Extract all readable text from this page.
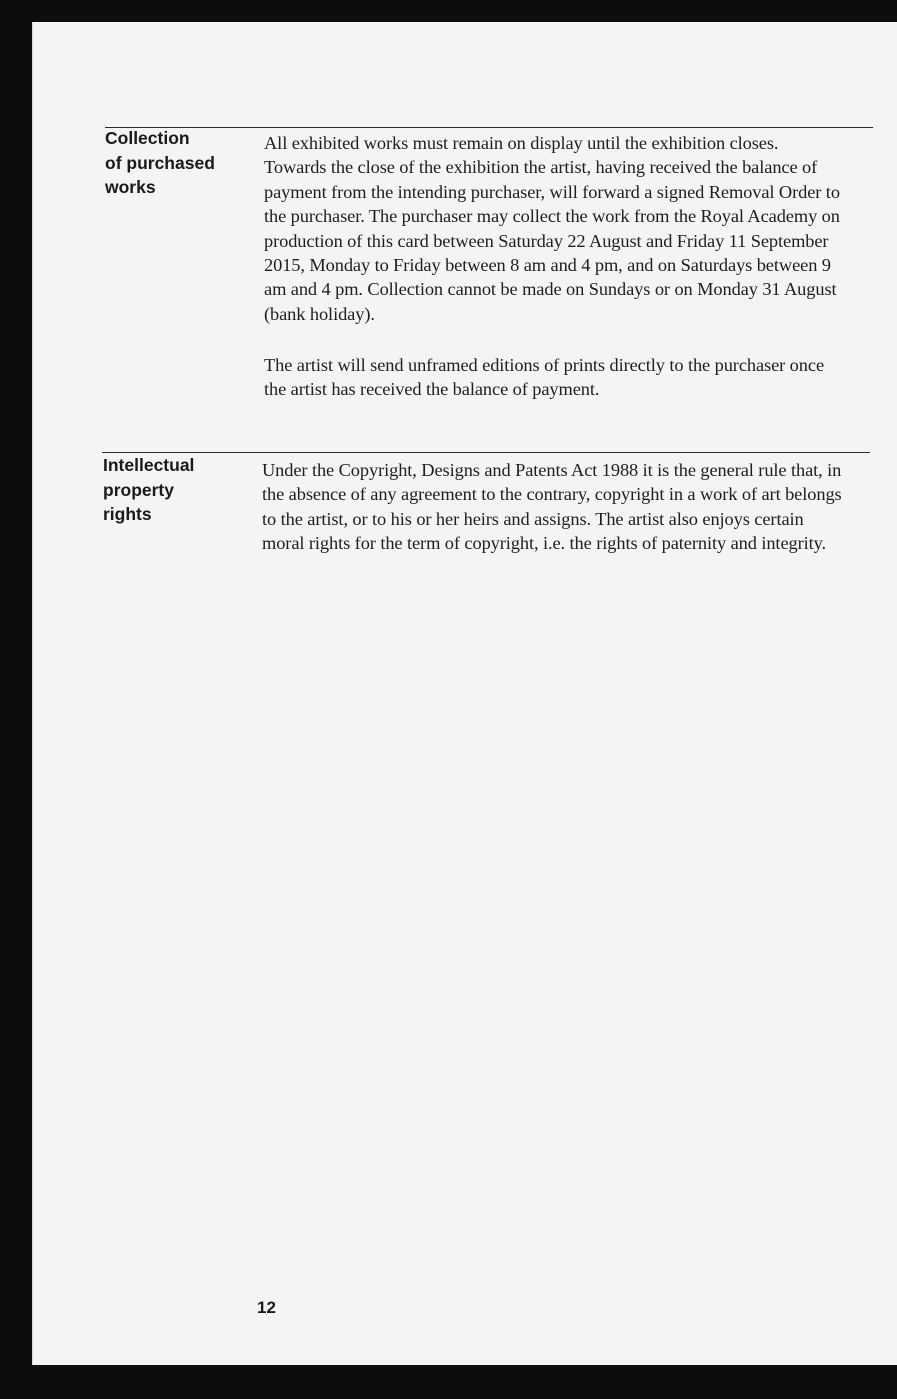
Collection
of purchased
works

All exhibited works must remain on display until the exhibition closes. Towards the close of the exhibition the artist, having received the balance of payment from the intending purchaser, will forward a signed Removal Order to the purchaser. The purchaser may collect the work from the Royal Academy on production of this card between Saturday 22 August and Friday 11 September 2015, Monday to Friday between 8 am and 4 pm, and on Saturdays between 9 am and 4 pm. Collection cannot be made on Sundays or on Monday 31 August (bank holiday).

The artist will send unframed editions of prints directly to the purchaser once the artist has received the balance of payment.

Intellectual
property
rights

Under the Copyright, Designs and Patents Act 1988 it is the general rule that, in the absence of any agreement to the contrary, copyright in a work of art belongs to the artist, or to his or her heirs and assigns. The artist also enjoys certain moral rights for the term of copyright, i.e. the rights of paternity and integrity.

12
